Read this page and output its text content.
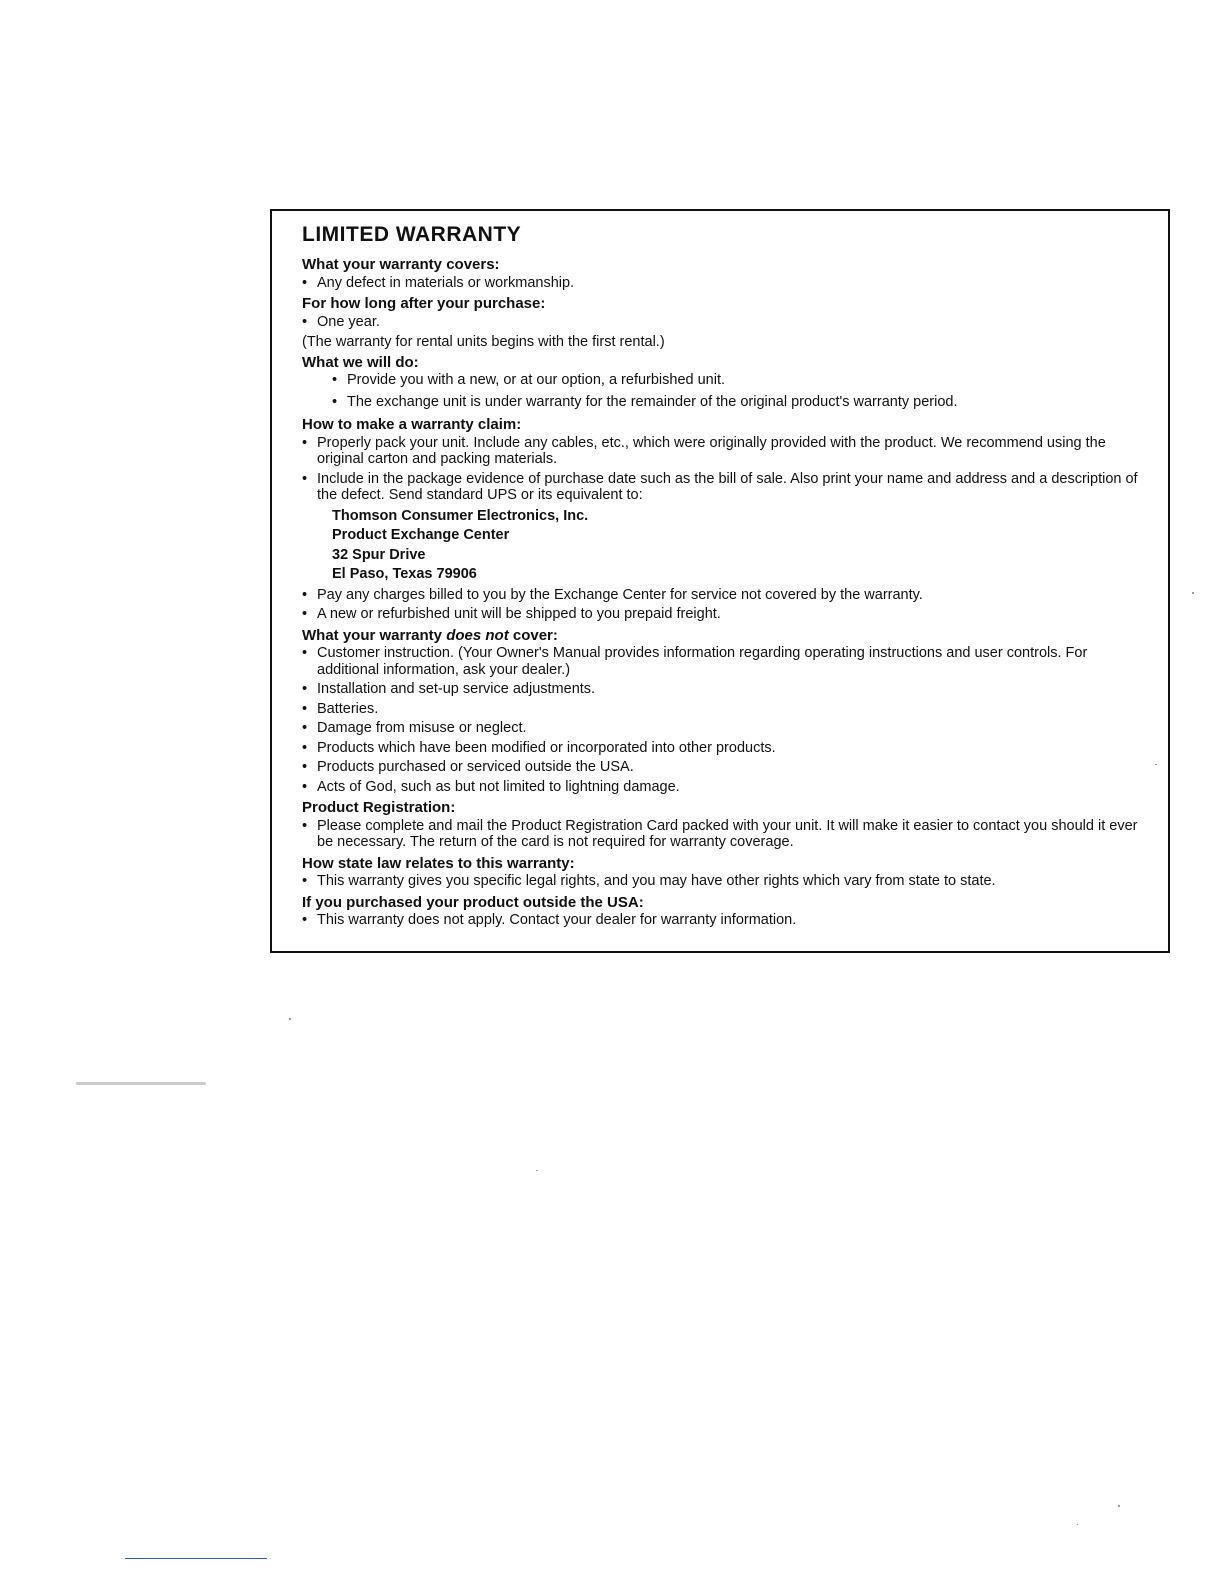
LIMITED WARRANTY

What your warranty covers:

• Any defect in materials or workmanship.

For how long after your purchase:

• One year.

(The warranty for rental units begins with the first rental.)

What we will do:

• Provide you with a new, or at our option, a refurbished unit.

• The exchange unit is under warranty for the remainder of the original product's warranty period.

How to make a warranty claim:

• Properly pack your unit. Include any cables, etc., which were originally provided with the product. We recommend using the original carton and packing materials.

• Include in the package evidence of purchase date such as the bill of sale. Also print your name and address and a description of the defect. Send standard UPS or its equivalent to:

Thomson Consumer Electronics, Inc.

Product Exchange Center

32 Spur Drive

El Paso, Texas 79906

• Pay any charges billed to you by the Exchange Center for service not covered by the warranty.

• A new or refurbished unit will be shipped to you prepaid freight.

What your warranty does not cover:

• Customer instruction. (Your Owner's Manual provides information regarding operating instructions and user controls. For additional information, ask your dealer.)

• Installation and set-up service adjustments.

• Batteries.

• Damage from misuse or neglect.

• Products which have been modified or incorporated into other products.

• Products purchased or serviced outside the USA.

• Acts of God, such as but not limited to lightning damage.

Product Registration:

• Please complete and mail the Product Registration Card packed with your unit. It will make it easier to contact you should it ever be necessary. The return of the card is not required for warranty coverage.

How state law relates to this warranty:

• This warranty gives you specific legal rights, and you may have other rights which vary from state to state.

If you purchased your product outside the USA:

• This warranty does not apply. Contact your dealer for warranty information.
